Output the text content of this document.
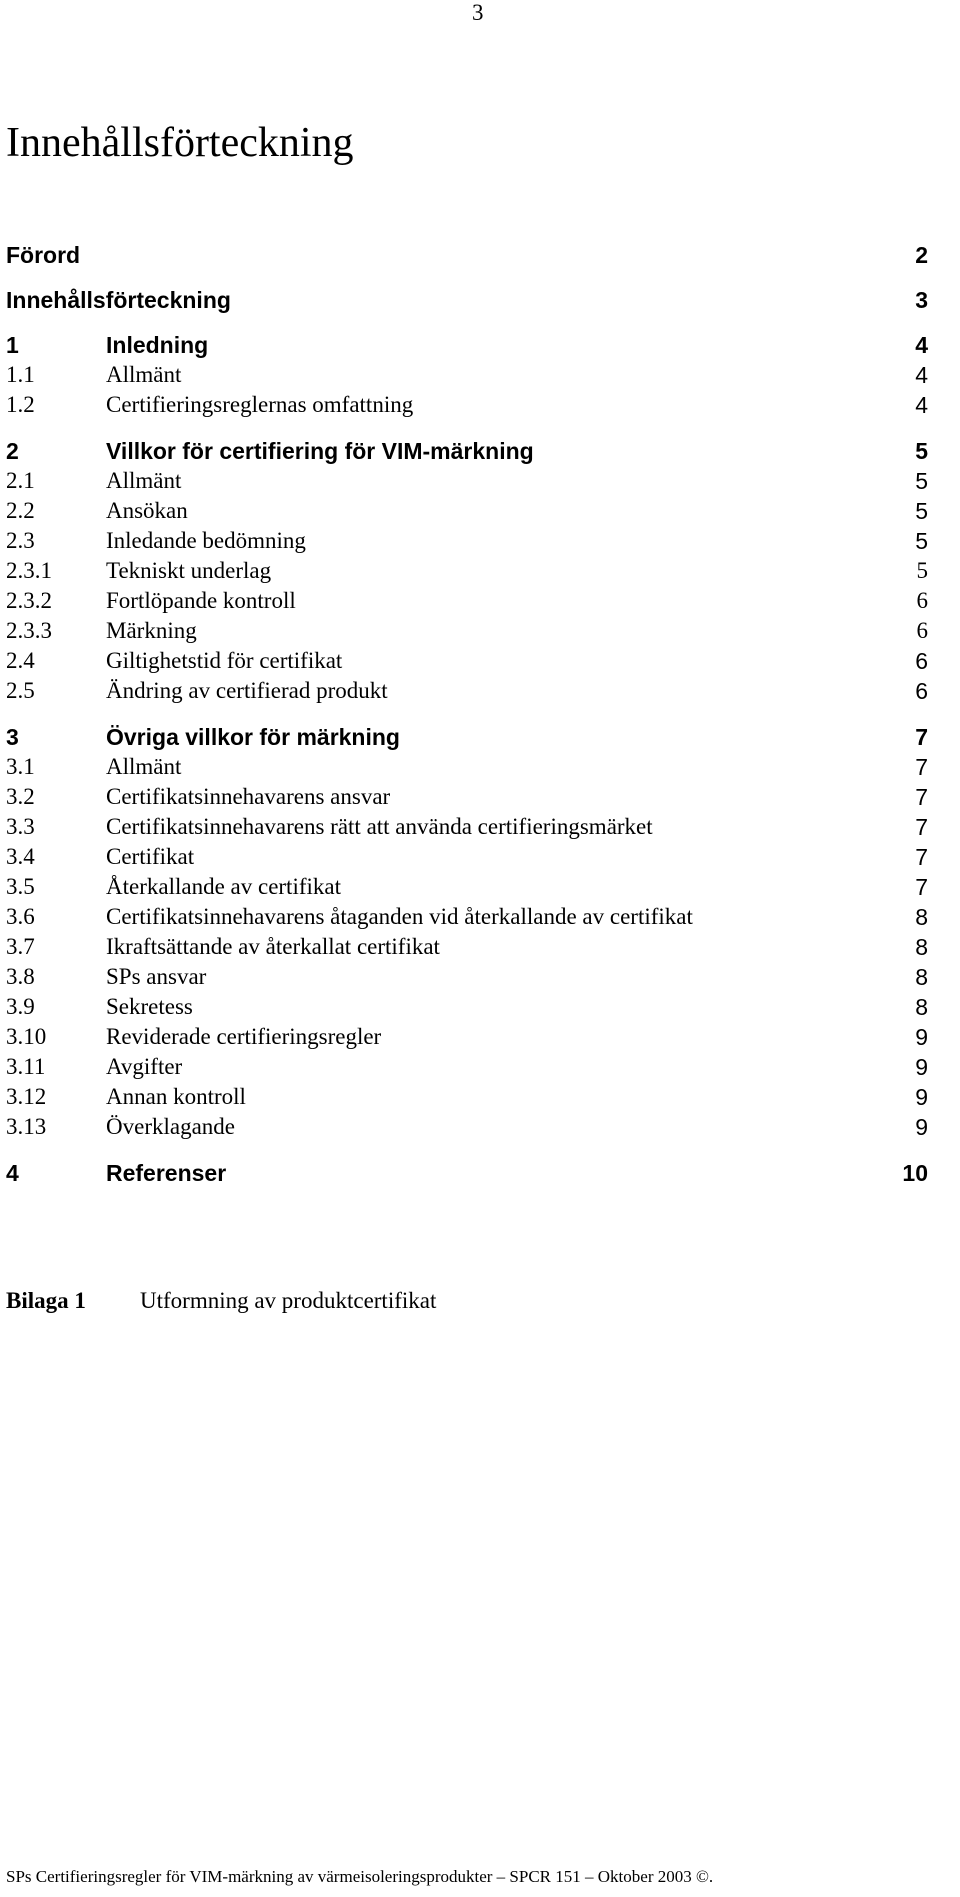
3
Innehållsförteckning
Förord	2
Innehållsförteckning	3
1	Inledning	4
1.1	Allmänt	4
1.2	Certifieringsreglernas omfattning	4
2	Villkor för certifiering för VIM-märkning	5
2.1	Allmänt	5
2.2	Ansökan	5
2.3	Inledande bedömning	5
2.3.1 Tekniskt underlag	5
2.3.2 Fortlöpande kontroll	6
2.3.3 Märkning	6
2.4	Giltighetstid för certifikat	6
2.5	Ändring av certifierad produkt	6
3	Övriga villkor för märkning	7
3.1	Allmänt	7
3.2	Certifikatsinnehavarens ansvar	7
3.3	Certifikatsinnehavarens rätt att använda certifieringsmärket	7
3.4	Certifikat	7
3.5	Återkallande av certifikat	7
3.6	Certifikatsinnehavarens åtaganden vid återkallande av certifikat	8
3.7	Ikraftsättande av återkallat certifikat	8
3.8	SPs ansvar	8
3.9	Sekretess	8
3.10	Reviderade certifieringsregler	9
3.11	Avgifter	9
3.12	Annan kontroll	9
3.13	Överklagande	9
4	Referenser	10
Bilaga 1 Utformning av produktcertifikat
SPs Certifieringsregler för VIM-märkning av värmeisoleringsprodukter – SPCR 151 – Oktober 2003 ©.
